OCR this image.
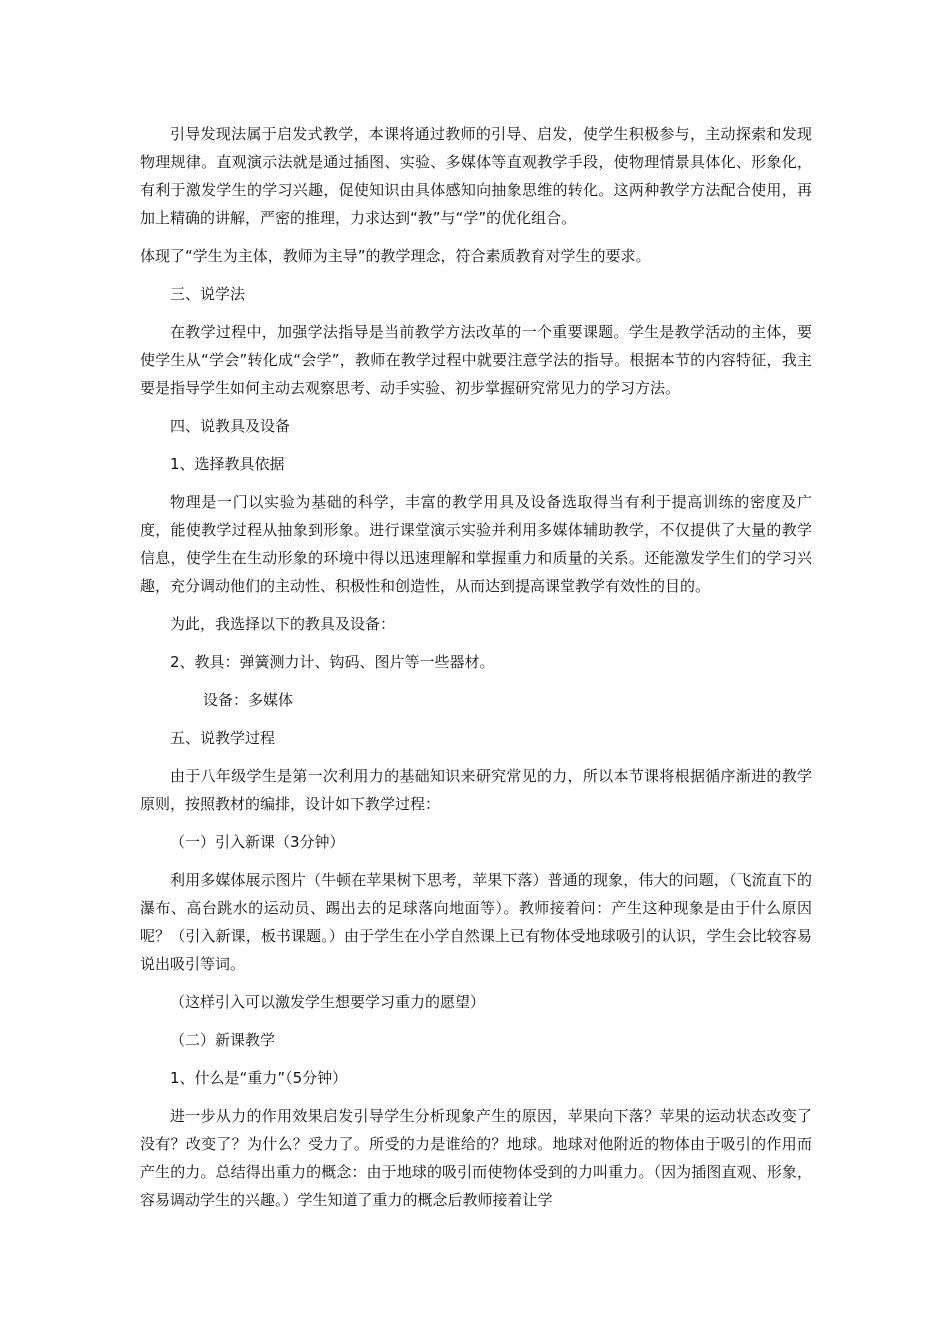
引导发现法属于启发式教学，本课将通过教师的引导、启发，使学生积极参与，主动探索和发现物理规律。直观演示法就是通过插图、实验、多媒体等直观教学手段，使物理情景具体化、形象化，有利于激发学生的学习兴趣，促使知识由具体感知向抽象思维的转化。这两种教学方法配合使用，再加上精确的讲解，严密的推理，力求达到“教”与“学”的优化组合。

体现了“学生为主体，教师为主导”的教学理念，符合素质教育对学生的要求。

三、说学法

在教学过程中，加强学法指导是当前教学方法改革的一个重要课题。学生是教学活动的主体，要使学生从“学会”转化成“会学”，教师在教学过程中就要注意学法的指导。根据本节的内容特征，我主要是指导学生如何主动去观察思考、动手实验、初步掌握研究常见力的学习方法。

四、说教具及设备

1、选择教具依据

物理是一门以实验为基础的科学，丰富的教学用具及设备选取得当有利于提高训练的密度及广度，能使教学过程从抽象到形象。进行课堂演示实验并利用多媒体辅助教学，不仅提供了大量的教学信息，使学生在生动形象的环境中得以迅速理解和掌握重力和质量的关系。还能激发学生们的学习兴趣，充分调动他们的主动性、积极性和创造性，从而达到提高课堂教学有效性的目的。

为此，我选择以下的教具及设备：

2、教具：弹簧测力计、钩码、图片等一些器材。

设备：多媒体

五、说教学过程

由于八年级学生是第一次利用力的基础知识来研究常见的力，所以本节课将根据循序渐进的教学原则，按照教材的编排，设计如下教学过程：

（一）引入新课（3分钟）

利用多媒体展示图片（牛顿在苹果树下思考，苹果下落）普通的现象，伟大的问题，（飞流直下的瀑布、高台跳水的运动员、踢出去的足球落向地面等）。教师接着问：产生这种现象是由于什么原因呢？（引入新课，板书课题。）由于学生在小学自然课上已有物体受地球吸引的认识，学生会比较容易说出吸引等词。

（这样引入可以激发学生想要学习重力的愿望）

（二）新课教学

1、什么是“重力”（5分钟）

进一步从力的作用效果启发引导学生分析现象产生的原因，苹果向下落？苹果的运动状态改变了没有？改变了？为什么？受力了。所受的力是谁给的？地球。地球对他附近的物体由于吸引的作用而产生的力。总结得出重力的概念：由于地球的吸引而使物体受到的力叫重力。（因为插图直观、形象，容易调动学生的兴趣。）学生知道了重力的概念后教师接着让学
